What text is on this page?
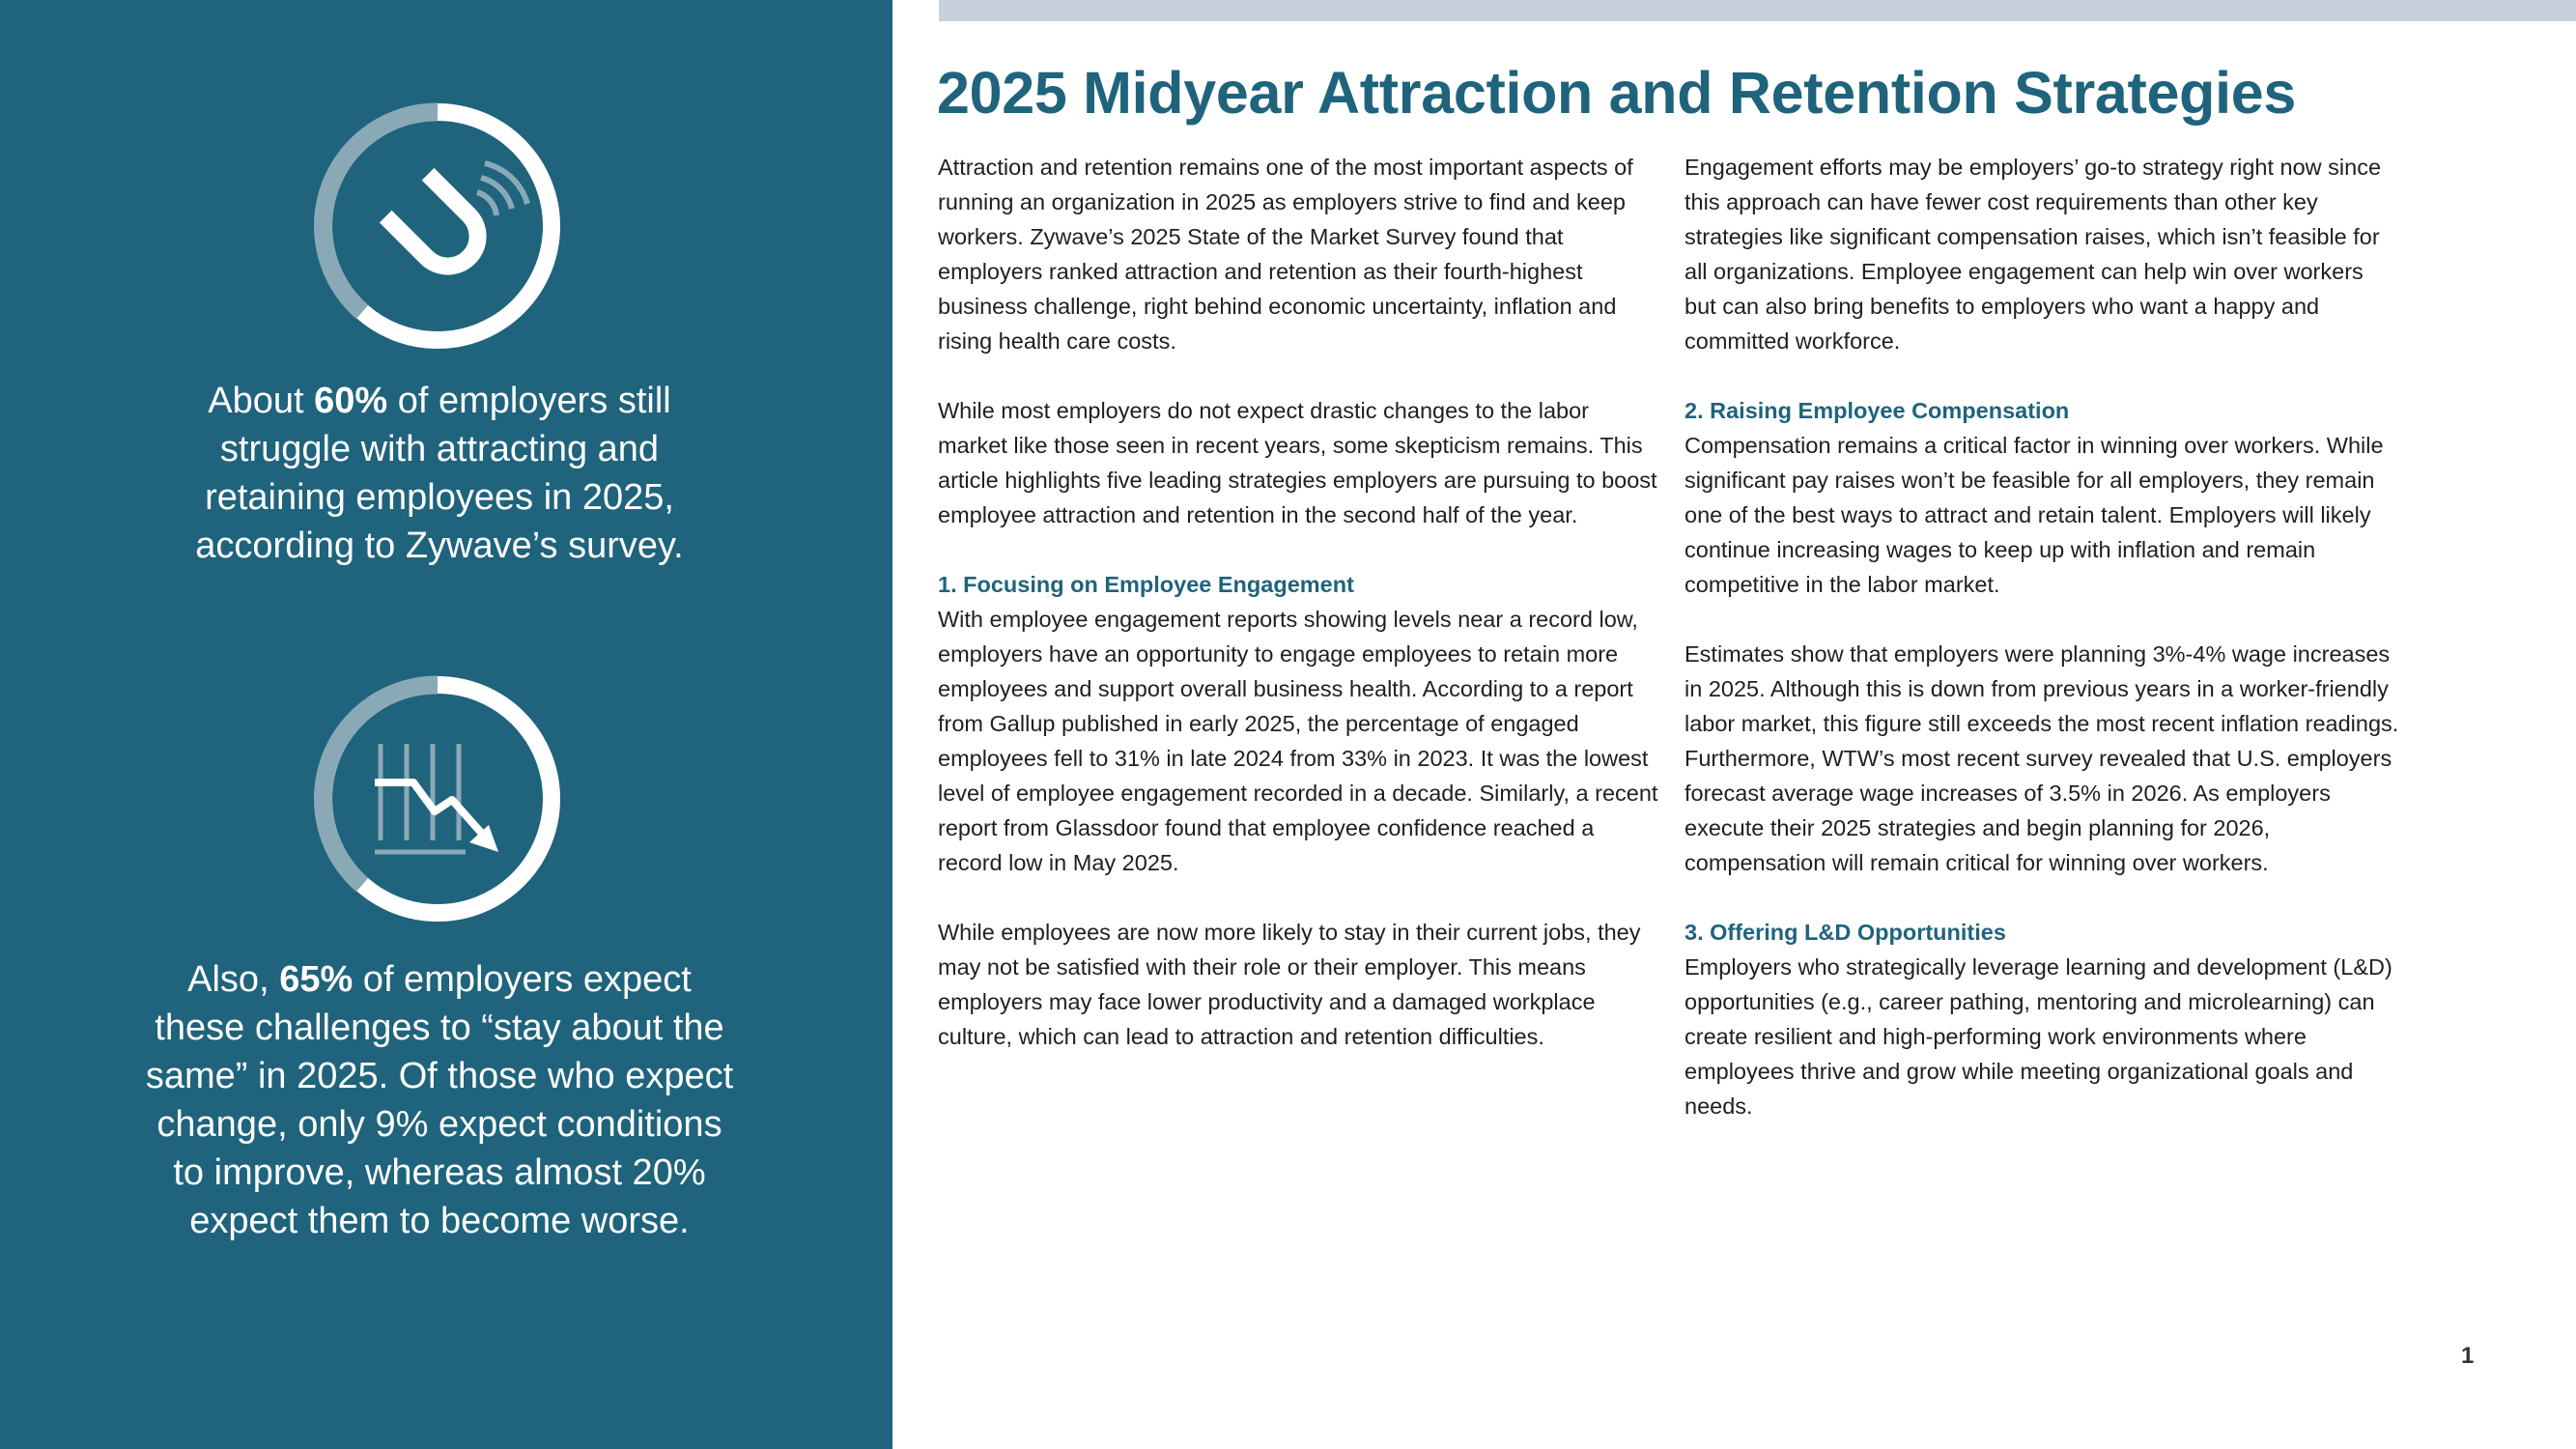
About 60% of employers still struggle with attracting and retaining employees in 2025, according to Zywave’s survey.
Also, 65% of employers expect these challenges to “stay about the same” in 2025. Of those who expect change, only 9% expect conditions to improve, whereas almost 20% expect them to become worse.
2025 Midyear Attraction and Retention Strategies

Attraction and retention remains one of the most important aspects of running an organization in 2025 as employers strive to find and keep workers. Zywave’s 2025 State of the Market Survey found that employers ranked attraction and retention as their fourth-highest business challenge, right behind economic uncertainty, inflation and rising health care costs.

While most employers do not expect drastic changes to the labor market like those seen in recent years, some skepticism remains. This article highlights five leading strategies employers are pursuing to boost employee attraction and retention in the second half of the year.

1. Focusing on Employee Engagement

With employee engagement reports showing levels near a record low, employers have an opportunity to engage employees to retain more employees and support overall business health. According to a report from Gallup published in early 2025, the percentage of engaged employees fell to 31% in late 2024 from 33% in 2023. It was the lowest level of employee engagement recorded in a decade. Similarly, a recent report from Glassdoor found that employee confidence reached a record low in May 2025.

While employees are now more likely to stay in their current jobs, they may not be satisfied with their role or their employer. This means employers may face lower productivity and a damaged workplace culture, which can lead to attraction and retention difficulties.

Engagement efforts may be employers’ go-to strategy right now since this approach can have fewer cost requirements than other key strategies like significant compensation raises, which isn’t feasible for all organizations. Employee engagement can help win over workers but can also bring benefits to employers who want a happy and committed workforce.

2. Raising Employee Compensation

Compensation remains a critical factor in winning over workers. While significant pay raises won’t be feasible for all employers, they remain one of the best ways to attract and retain talent. Employers will likely continue increasing wages to keep up with inflation and remain competitive in the labor market.

Estimates show that employers were planning 3%-4% wage increases in 2025. Although this is down from previous years in a worker-friendly labor market, this figure still exceeds the most recent inflation readings. Furthermore, WTW’s most recent survey revealed that U.S. employers forecast average wage increases of 3.5% in 2026. As employers execute their 2025 strategies and begin planning for 2026, compensation will remain critical for winning over workers.

3. Offering L&D Opportunities

Employers who strategically leverage learning and development (L&D) opportunities (e.g., career pathing, mentoring and microlearning) can create resilient and high-performing work environments where employees thrive and grow while meeting organizational goals and needs.

1
